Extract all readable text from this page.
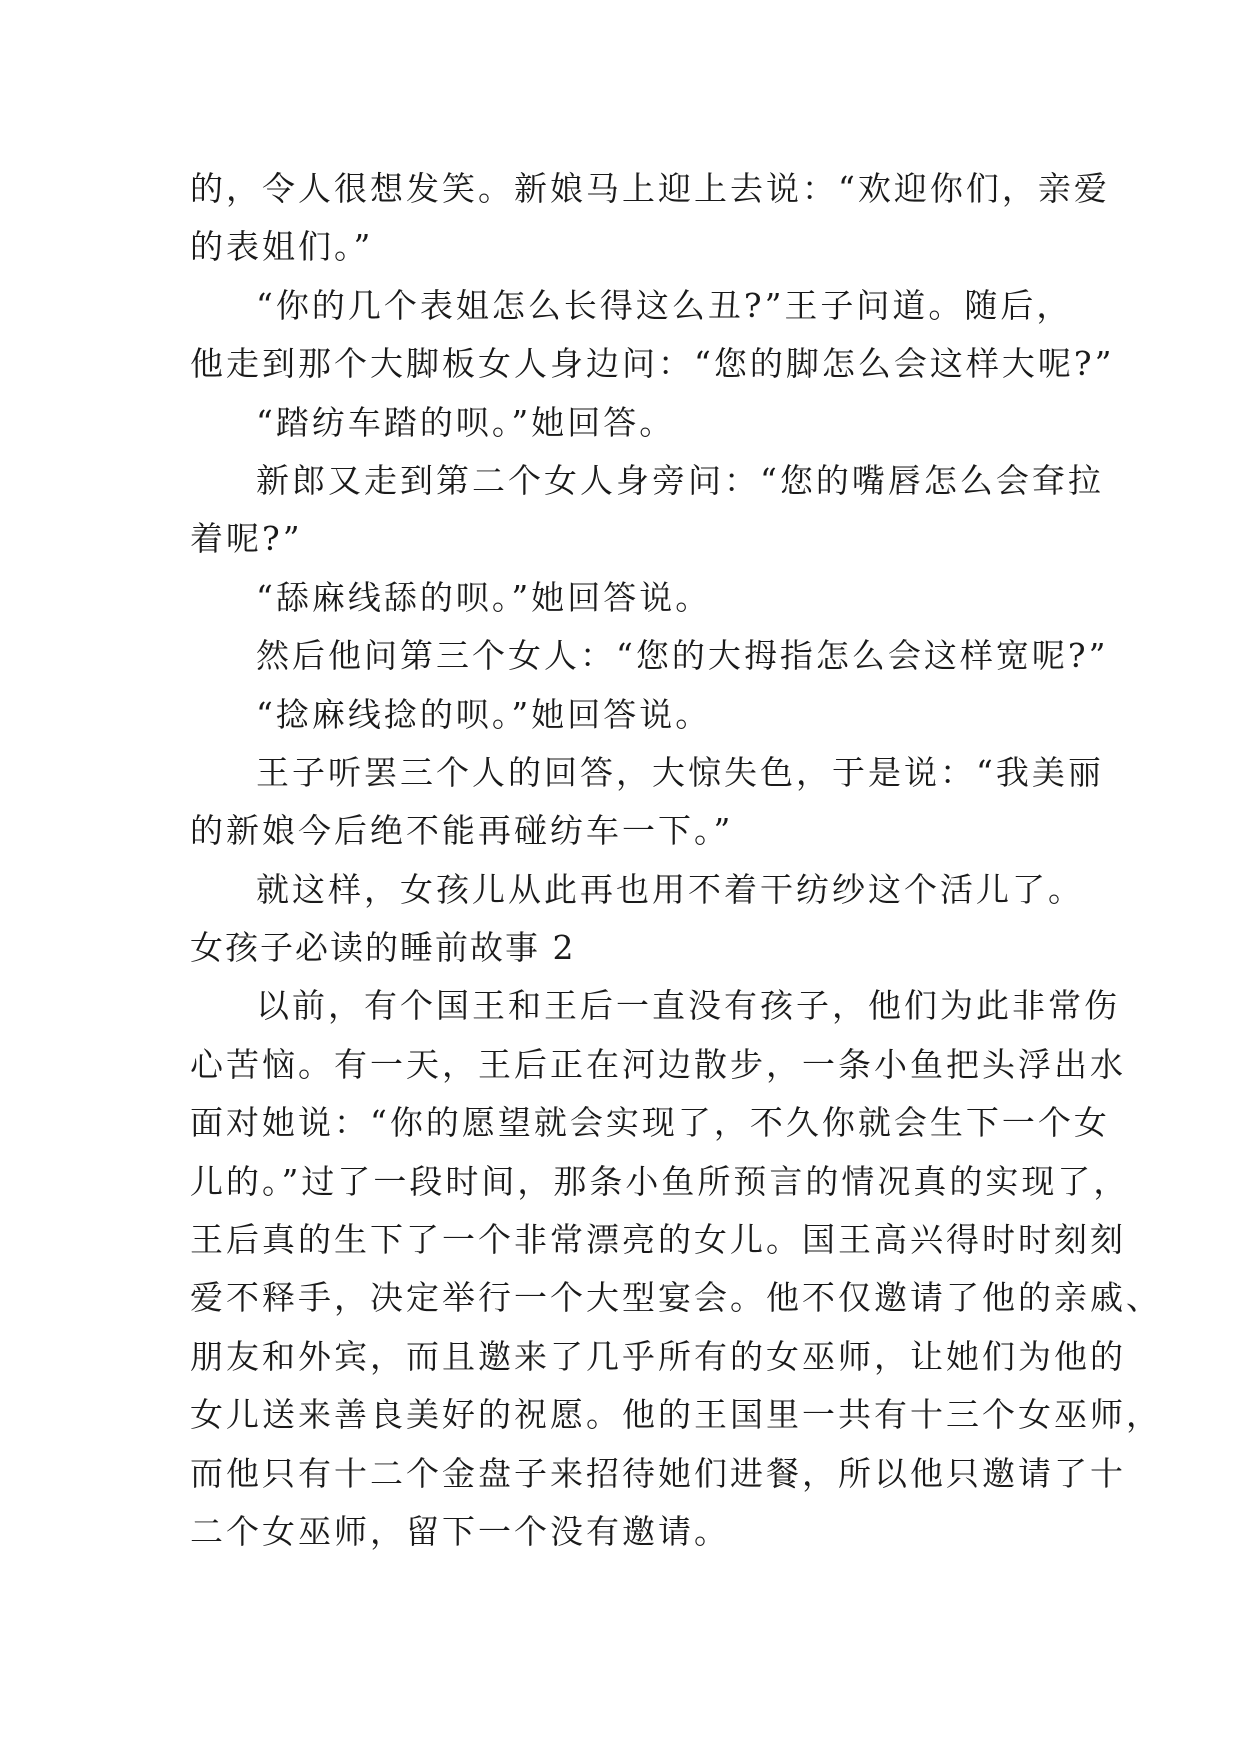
的，令人很想发笑。新娘马上迎上去说：“欢迎你们，亲爱
的表姐们。”
“你的几个表姐怎么长得这么丑?”王子问道。随后，
他走到那个大脚板女人身边问：“您的脚怎么会这样大呢?”
“踏纺车踏的呗。”她回答。
新郎又走到第二个女人身旁问：“您的嘴唇怎么会耷拉
着呢?”
“舔麻线舔的呗。”她回答说。
然后他问第三个女人：“您的大拇指怎么会这样宽呢?”
“捻麻线捻的呗。”她回答说。
王子听罢三个人的回答，大惊失色，于是说：“我美丽
的新娘今后绝不能再碰纺车一下。”
就这样，女孩儿从此再也用不着干纺纱这个活儿了。
女孩子必读的睡前故事 2
以前，有个国王和王后一直没有孩子，他们为此非常伤
心苦恼。有一天，王后正在河边散步，一条小鱼把头浮出水
面对她说：“你的愿望就会实现了，不久你就会生下一个女
儿的。”过了一段时间，那条小鱼所预言的情况真的实现了，
王后真的生下了一个非常漂亮的女儿。国王高兴得时时刻刻
爱不释手，决定举行一个大型宴会。他不仅邀请了他的亲戚、
朋友和外宾，而且邀来了几乎所有的女巫师，让她们为他的
女儿送来善良美好的祝愿。他的王国里一共有十三个女巫师，
而他只有十二个金盘子来招待她们进餐，所以他只邀请了十
二个女巫师，留下一个没有邀请。
